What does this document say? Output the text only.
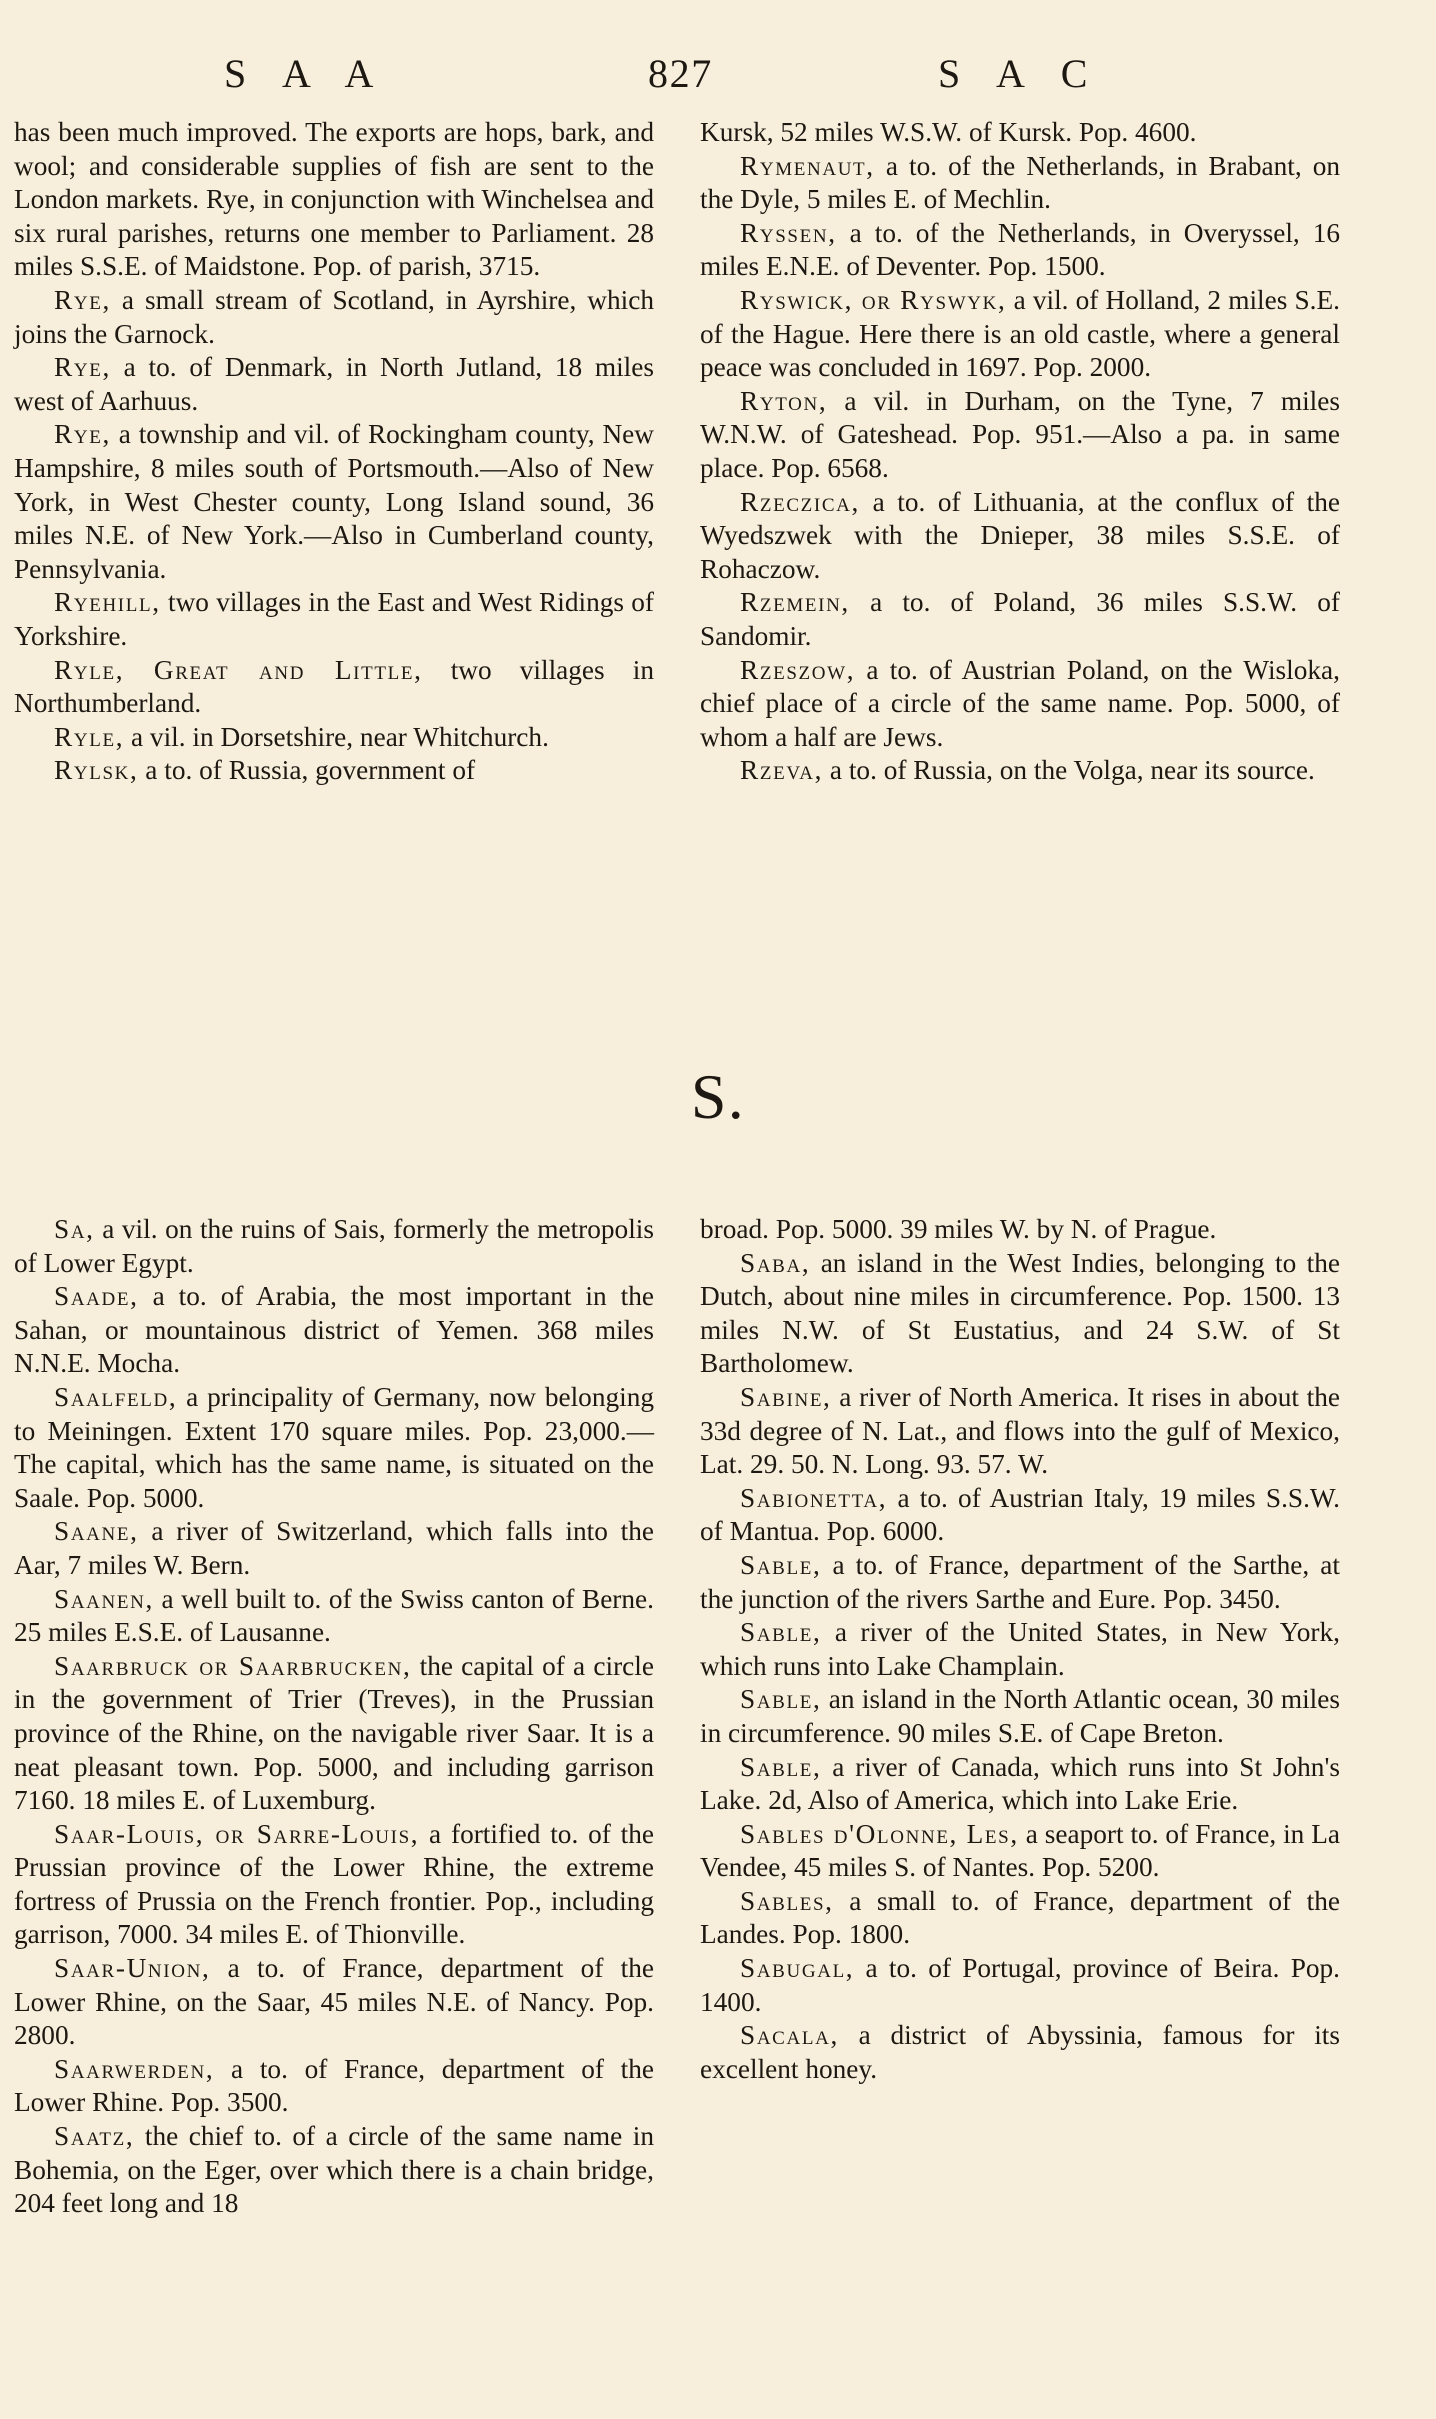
S A A	827	S A C

has been much improved. The exports are hops, bark, and wool; and considerable supplies of fish are sent to the London markets. Rye, in conjunction with Winchelsea and six rural parishes, returns one member to Parliament. 28 miles S.S.E. of Maidstone. Pop. of parish, 3715.

Rye, a small stream of Scotland, in Ayrshire, which joins the Garnock.

Rye, a to. of Denmark, in North Jutland, 18 miles west of Aarhuus.

Rye, a township and vil. of Rockingham county, New Hampshire, 8 miles south of Portsmouth.—Also of New York, in West Chester county, Long Island sound, 36 miles N.E. of New York.—Also in Cumberland county, Pennsylvania.

Ryehill, two villages in the East and West Ridings of Yorkshire.

Ryle, Great and Little, two villages in Northumberland.

Ryle, a vil. in Dorsetshire, near Whitchurch.

Rylsk, a to. of Russia, government of

Kursk, 52 miles W.S.W. of Kursk. Pop. 4600.

Rymenaut, a to. of the Netherlands, in Brabant, on the Dyle, 5 miles E. of Mechlin.

Ryssen, a to. of the Netherlands, in Overyssel, 16 miles E.N.E. of Deventer. Pop. 1500.

Ryswick, or Ryswyk, a vil. of Holland, 2 miles S.E. of the Hague. Here there is an old castle, where a general peace was concluded in 1697. Pop. 2000.

Ryton, a vil. in Durham, on the Tyne, 7 miles W.N.W. of Gateshead. Pop. 951.—Also a pa. in same place. Pop. 6568.

Rzeczica, a to. of Lithuania, at the conflux of the Wyedszwek with the Dnieper, 38 miles S.S.E. of Rohaczow.

Rzemein, a to. of Poland, 36 miles S.S.W. of Sandomir.

Rzeszow, a to. of Austrian Poland, on the Wisloka, chief place of a circle of the same name. Pop. 5000, of whom a half are Jews.

Rzeva, a to. of Russia, on the Volga, near its source.

S.

Sa, a vil. on the ruins of Sais, formerly the metropolis of Lower Egypt.

Saade, a to. of Arabia, the most important in the Sahan, or mountainous district of Yemen. 368 miles N.N.E. Mocha.

Saalfeld, a principality of Germany, now belonging to Meiningen. Extent 170 square miles. Pop. 23,000.—The capital, which has the same name, is situated on the Saale. Pop. 5000.

Saane, a river of Switzerland, which falls into the Aar, 7 miles W. Bern.

Saanen, a well built to. of the Swiss canton of Berne. 25 miles E.S.E. of Lausanne.

Saarbruck or Saarbrucken, the capital of a circle in the government of Trier (Treves), in the Prussian province of the Rhine, on the navigable river Saar. It is a neat pleasant town. Pop. 5000, and including garrison 7160. 18 miles E. of Luxemburg.

Saar-Louis, or Sarre-Louis, a fortified to. of the Prussian province of the Lower Rhine, the extreme fortress of Prussia on the French frontier. Pop., including garrison, 7000. 34 miles E. of Thionville.

Saar-Union, a to. of France, department of the Lower Rhine, on the Saar, 45 miles N.E. of Nancy. Pop. 2800.

Saarwerden, a to. of France, department of the Lower Rhine. Pop. 3500.

Saatz, the chief to. of a circle of the same name in Bohemia, on the Eger, over which there is a chain bridge, 204 feet long and 18

broad. Pop. 5000. 39 miles W. by N. of Prague.

Saba, an island in the West Indies, belonging to the Dutch, about nine miles in circumference. Pop. 1500. 13 miles N.W. of St Eustatius, and 24 S.W. of St Bartholomew.

Sabine, a river of North America. It rises in about the 33d degree of N. Lat., and flows into the gulf of Mexico, Lat. 29. 50. N. Long. 93. 57. W.

Sabionetta, a to. of Austrian Italy, 19 miles S.S.W. of Mantua. Pop. 6000.

Sable, a to. of France, department of the Sarthe, at the junction of the rivers Sarthe and Eure. Pop. 3450.

Sable, a river of the United States, in New York, which runs into Lake Champlain.

Sable, an island in the North Atlantic ocean, 30 miles in circumference. 90 miles S.E. of Cape Breton.

Sable, a river of Canada, which runs into St John's Lake. 2d, Also of America, which into Lake Erie.

Sables d'Olonne, Les, a seaport to. of France, in La Vendee, 45 miles S. of Nantes. Pop. 5200.

Sables, a small to. of France, department of the Landes. Pop. 1800.

Sabugal, a to. of Portugal, province of Beira. Pop. 1400.

Sacala, a district of Abyssinia, famous for its excellent honey.
